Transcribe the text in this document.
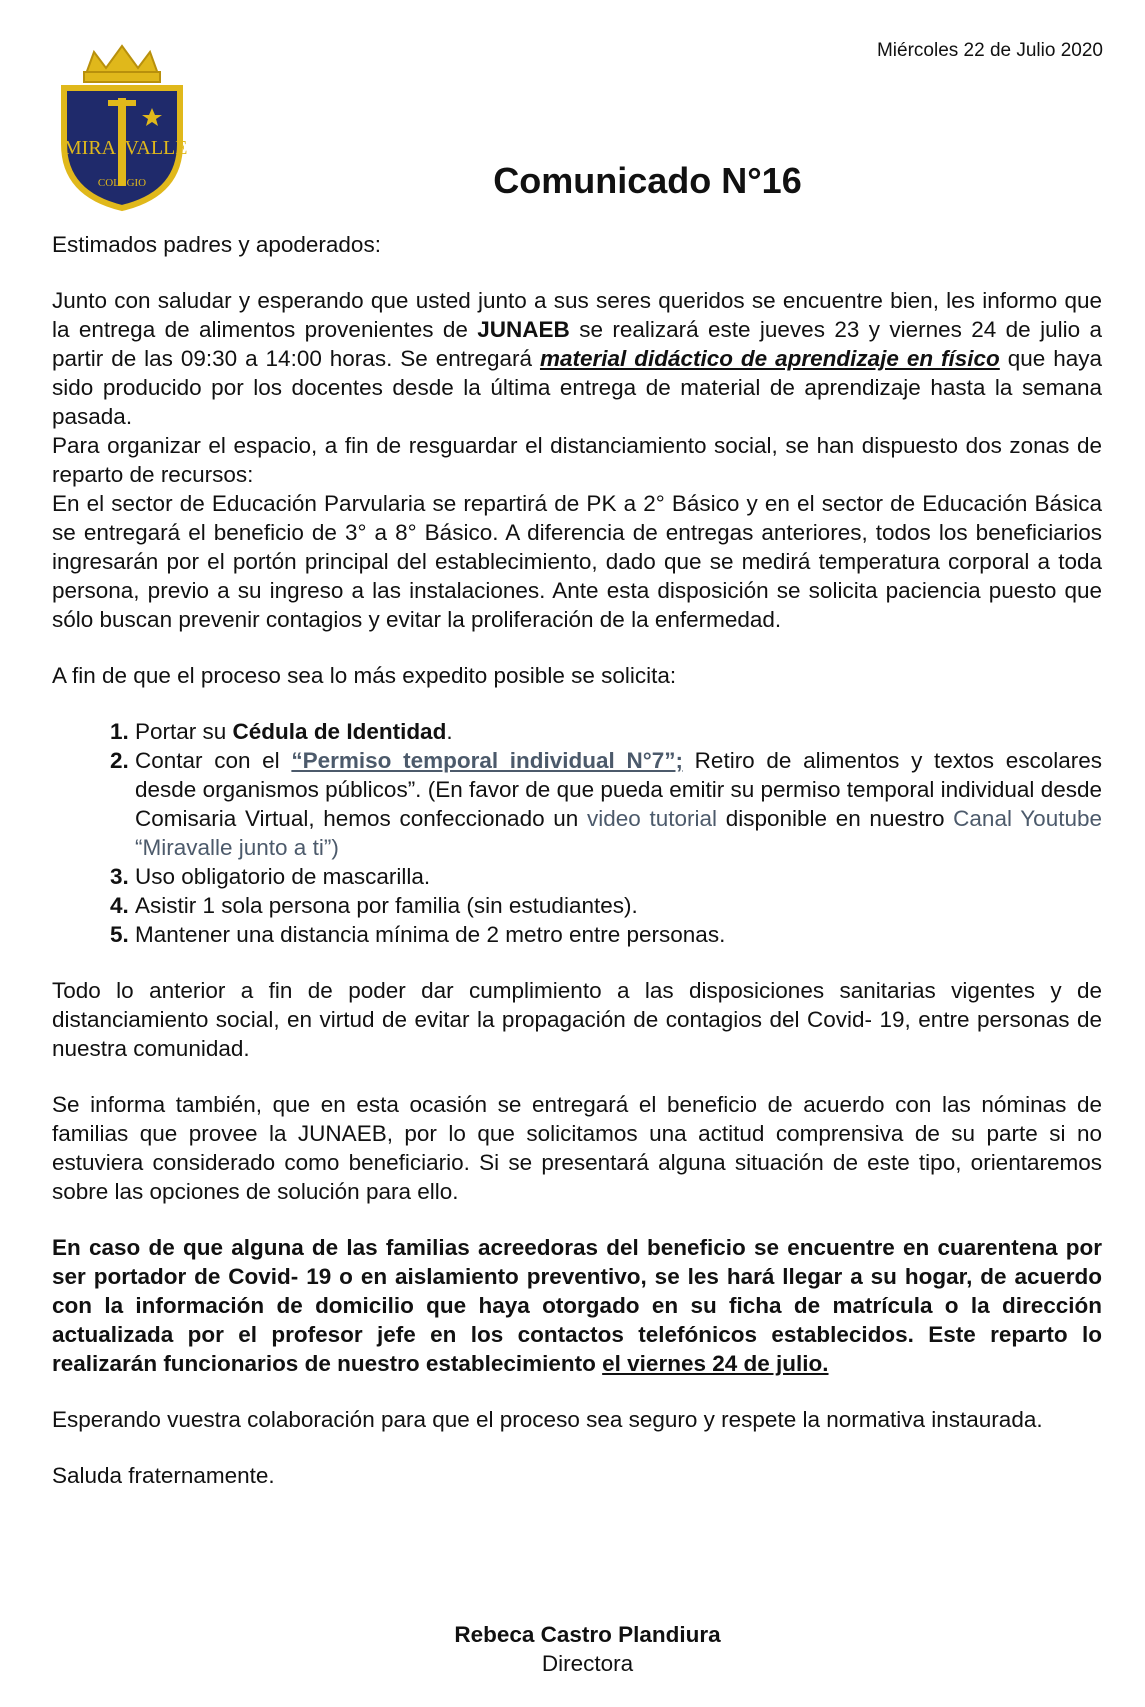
Miércoles 22 de Julio 2020
MIRA VALLE
COLEGIO	Comunicado N°16

Estimados padres y apoderados:

Junto con saludar y esperando que usted junto a sus seres queridos se encuentre bien, les informo que la entrega de alimentos provenientes de JUNAEB se realizará este jueves 23 y viernes 24 de julio a partir de las 09:30 a 14:00 horas. Se entregará material didáctico de aprendizaje en físico que haya sido producido por los docentes desde la última entrega de material de aprendizaje hasta la semana pasada.

Para organizar el espacio, a fin de resguardar el distanciamiento social, se han dispuesto dos zonas de reparto de recursos:

En el sector de Educación Parvularia se repartirá de PK a 2° Básico y en el sector de Educación Básica se entregará el beneficio de 3° a 8° Básico. A diferencia de entregas anteriores, todos los beneficiarios ingresarán por el portón principal del establecimiento, dado que se medirá temperatura corporal a toda persona, previo a su ingreso a las instalaciones. Ante esta disposición se solicita paciencia puesto que sólo buscan prevenir contagios y evitar la proliferación de la enfermedad.

A fin de que el proceso sea lo más expedito posible se solicita:

1. Portar su Cédula de Identidad.
2. Contar con el “Permiso temporal individual N°7”; Retiro de alimentos y textos escolares desde organismos públicos”. (En favor de que pueda emitir su permiso temporal individual desde Comisaria Virtual, hemos confeccionado un video tutorial disponible en nuestro Canal Youtube “Miravalle junto a ti”)
3. Uso obligatorio de mascarilla.
4. Asistir 1 sola persona por familia (sin estudiantes).
5. Mantener una distancia mínima de 2 metro entre personas.

Todo lo anterior a fin de poder dar cumplimiento a las disposiciones sanitarias vigentes y de distanciamiento social, en virtud de evitar la propagación de contagios del Covid- 19, entre personas de nuestra comunidad.

Se informa también, que en esta ocasión se entregará el beneficio de acuerdo con las nóminas de familias que provee la JUNAEB, por lo que solicitamos una actitud comprensiva de su parte si no estuviera considerado como beneficiario. Si se presentará alguna situación de este tipo, orientaremos sobre las opciones de solución para ello.

En caso de que alguna de las familias acreedoras del beneficio se encuentre en cuarentena por ser portador de Covid- 19 o en aislamiento preventivo, se les hará llegar a su hogar, de acuerdo con la información de domicilio que haya otorgado en su ficha de matrícula o la dirección actualizada por el profesor jefe en los contactos telefónicos establecidos. Este reparto lo realizarán funcionarios de nuestro establecimiento el viernes 24 de julio.

Esperando vuestra colaboración para que el proceso sea seguro y respete la normativa instaurada.

Saluda fraternamente.

Rebeca Castro Plandiura
Directora
